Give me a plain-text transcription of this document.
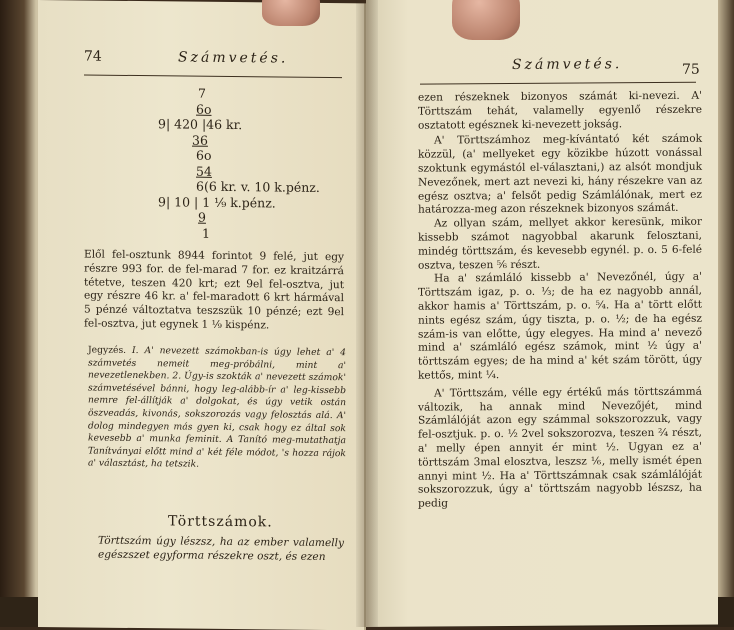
74	Számvetés.
7
6o
9| 420 |46 kr.
36
6o
54
6(6 kr. v. 10 k.pénz.
9| 10 | 1 ¹⁄₉ k.pénz.
9
1

Elől fel-osztunk 8944 forintot 9 felé, jut egy részre 993 for. de fel-marad 7 for. ez kraitzárrá tétetve, teszen 420 krt; ezt 9el fel-osztva, jut egy részre 46 kr. a' fel-maradott 6 krt hármával 5 pénzé változtatva teszszük 10 pénzé; ezt 9el fel-osztva, jut egynek 1 ¹⁄₉ kispénz.

Jegyzés. I. A' nevezett számokban-is úgy lehet a' 4 számvetés nemeit meg-próbálni, mint a' nevezetlenekben. 2. Úgy-is szokták a' nevezett számok' számvetésével bánni, hogy leg-alább-ír a' leg-kissebb nemre fel-állítják a' dolgokat, és úgy vetik ostán öszveadás, kivonás, sokszorozás vagy felosztás alá. A' dolog mindegyen más gyen ki, csak hogy ez által sok kevesebb a' munka feminit. A Tanító meg-mutathatja Tanítványai előtt mind a' két féle módot, 's hozza rájok a' választást, ha tetszik.

Törttszámok.

Törttszám úgy lészsz, ha az ember valamelly egészszet egyforma részekre oszt, és ezen

Számvetés.	75

ezen részeknek bizonyos számát ki-nevezi. A' Törttszám tehát, valamelly egyenlő részekre osztatott egésznek ki-nevezett jokság.

A' Törttszámhoz meg-kívántató két számok közzül, (a' mellyeket egy közikbe húzott vonással szoktunk egymástól el-választani,) az alsót mondjuk Nevezőnek, mert azt nevezi ki, hány részekre van az egész osztva; a' felsőt pedig Számlálónak, mert ez határozza-meg azon részeknek bizonyos számát.

Az ollyan szám, mellyet akkor keresünk, mikor kissebb számot nagyobbal akarunk felosztani, mindég törttszám, és kevesebb egynél. p. o. 5 6-felé osztva, teszen ⁵⁄₆ részt.

Ha a' számláló kissebb a' Nevezőnél, úgy a' Törttszám igaz, p. o. ⅓; de ha ez nagyobb annál, akkor hamis a' Törttszám, p. o. ⁵⁄₄. Ha a' törtt előtt nints egész szám, úgy tiszta, p. o. ½; de ha egész szám-is van előtte, úgy elegyes. Ha mind a' nevező mind a' számláló egész számok, mint ¹⁄₂ úgy a' törttszám egyes; de ha mind a' két szám törött, úgy kettős, mint ¼.

A' Törttszám, vélle egy értékű más törttszámmá változik, ha annak mind Nevezőjét, mind Számlálóját azon egy számmal sokszorozzuk, vagy fel-osztjuk. p. o. ½ 2vel sokszorozva, teszen ²⁄₄ részt, a' melly épen annyit ér mint ½. Ugyan ez a' törttszám 3mal elosztva, leszsz ⅙, melly ismét épen annyi mint ½. Ha a' Törttszámnak csak számlálóját sokszorozzuk, úgy a' törttszám nagyobb lészsz, ha pedig
